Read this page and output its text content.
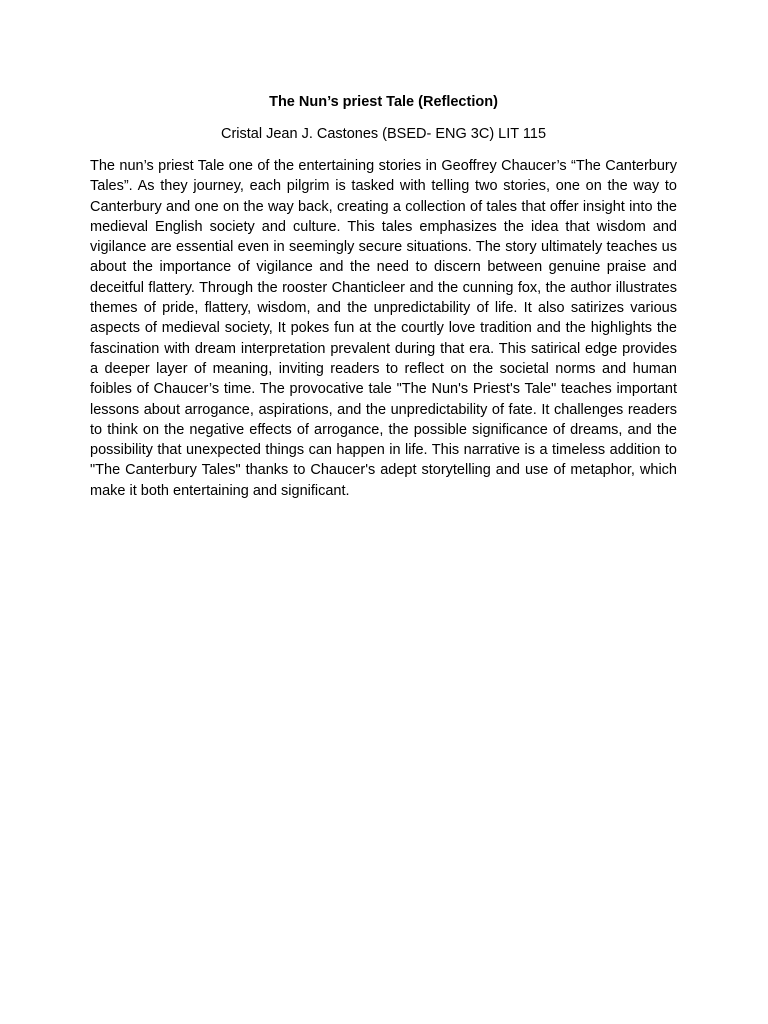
The Nun’s priest Tale (Reflection)

Cristal Jean J. Castones (BSED- ENG 3C) LIT 115

The nun’s priest Tale one of the entertaining stories in Geoffrey Chaucer’s “The Canterbury Tales”. As they journey, each pilgrim is tasked with telling two stories, one on the way to Canterbury and one on the way back, creating a collection of tales that offer insight into the medieval English society and culture. This tales emphasizes the idea that wisdom and vigilance are essential even in seemingly secure situations. The story ultimately teaches us about the importance of vigilance and the need to discern between genuine praise and deceitful flattery. Through the rooster Chanticleer and the cunning fox, the author illustrates themes of pride, flattery, wisdom, and the unpredictability of life. It also satirizes various aspects of medieval society, It pokes fun at the courtly love tradition and the highlights the fascination with dream interpretation prevalent during that era. This satirical edge provides a deeper layer of meaning, inviting readers to reflect on the societal norms and human foibles of Chaucer’s time. The provocative tale "The Nun's Priest's Tale" teaches important lessons about arrogance, aspirations, and the unpredictability of fate. It challenges readers to think on the negative effects of arrogance, the possible significance of dreams, and the possibility that unexpected things can happen in life. This narrative is a timeless addition to "The Canterbury Tales" thanks to Chaucer's adept storytelling and use of metaphor, which make it both entertaining and significant.
